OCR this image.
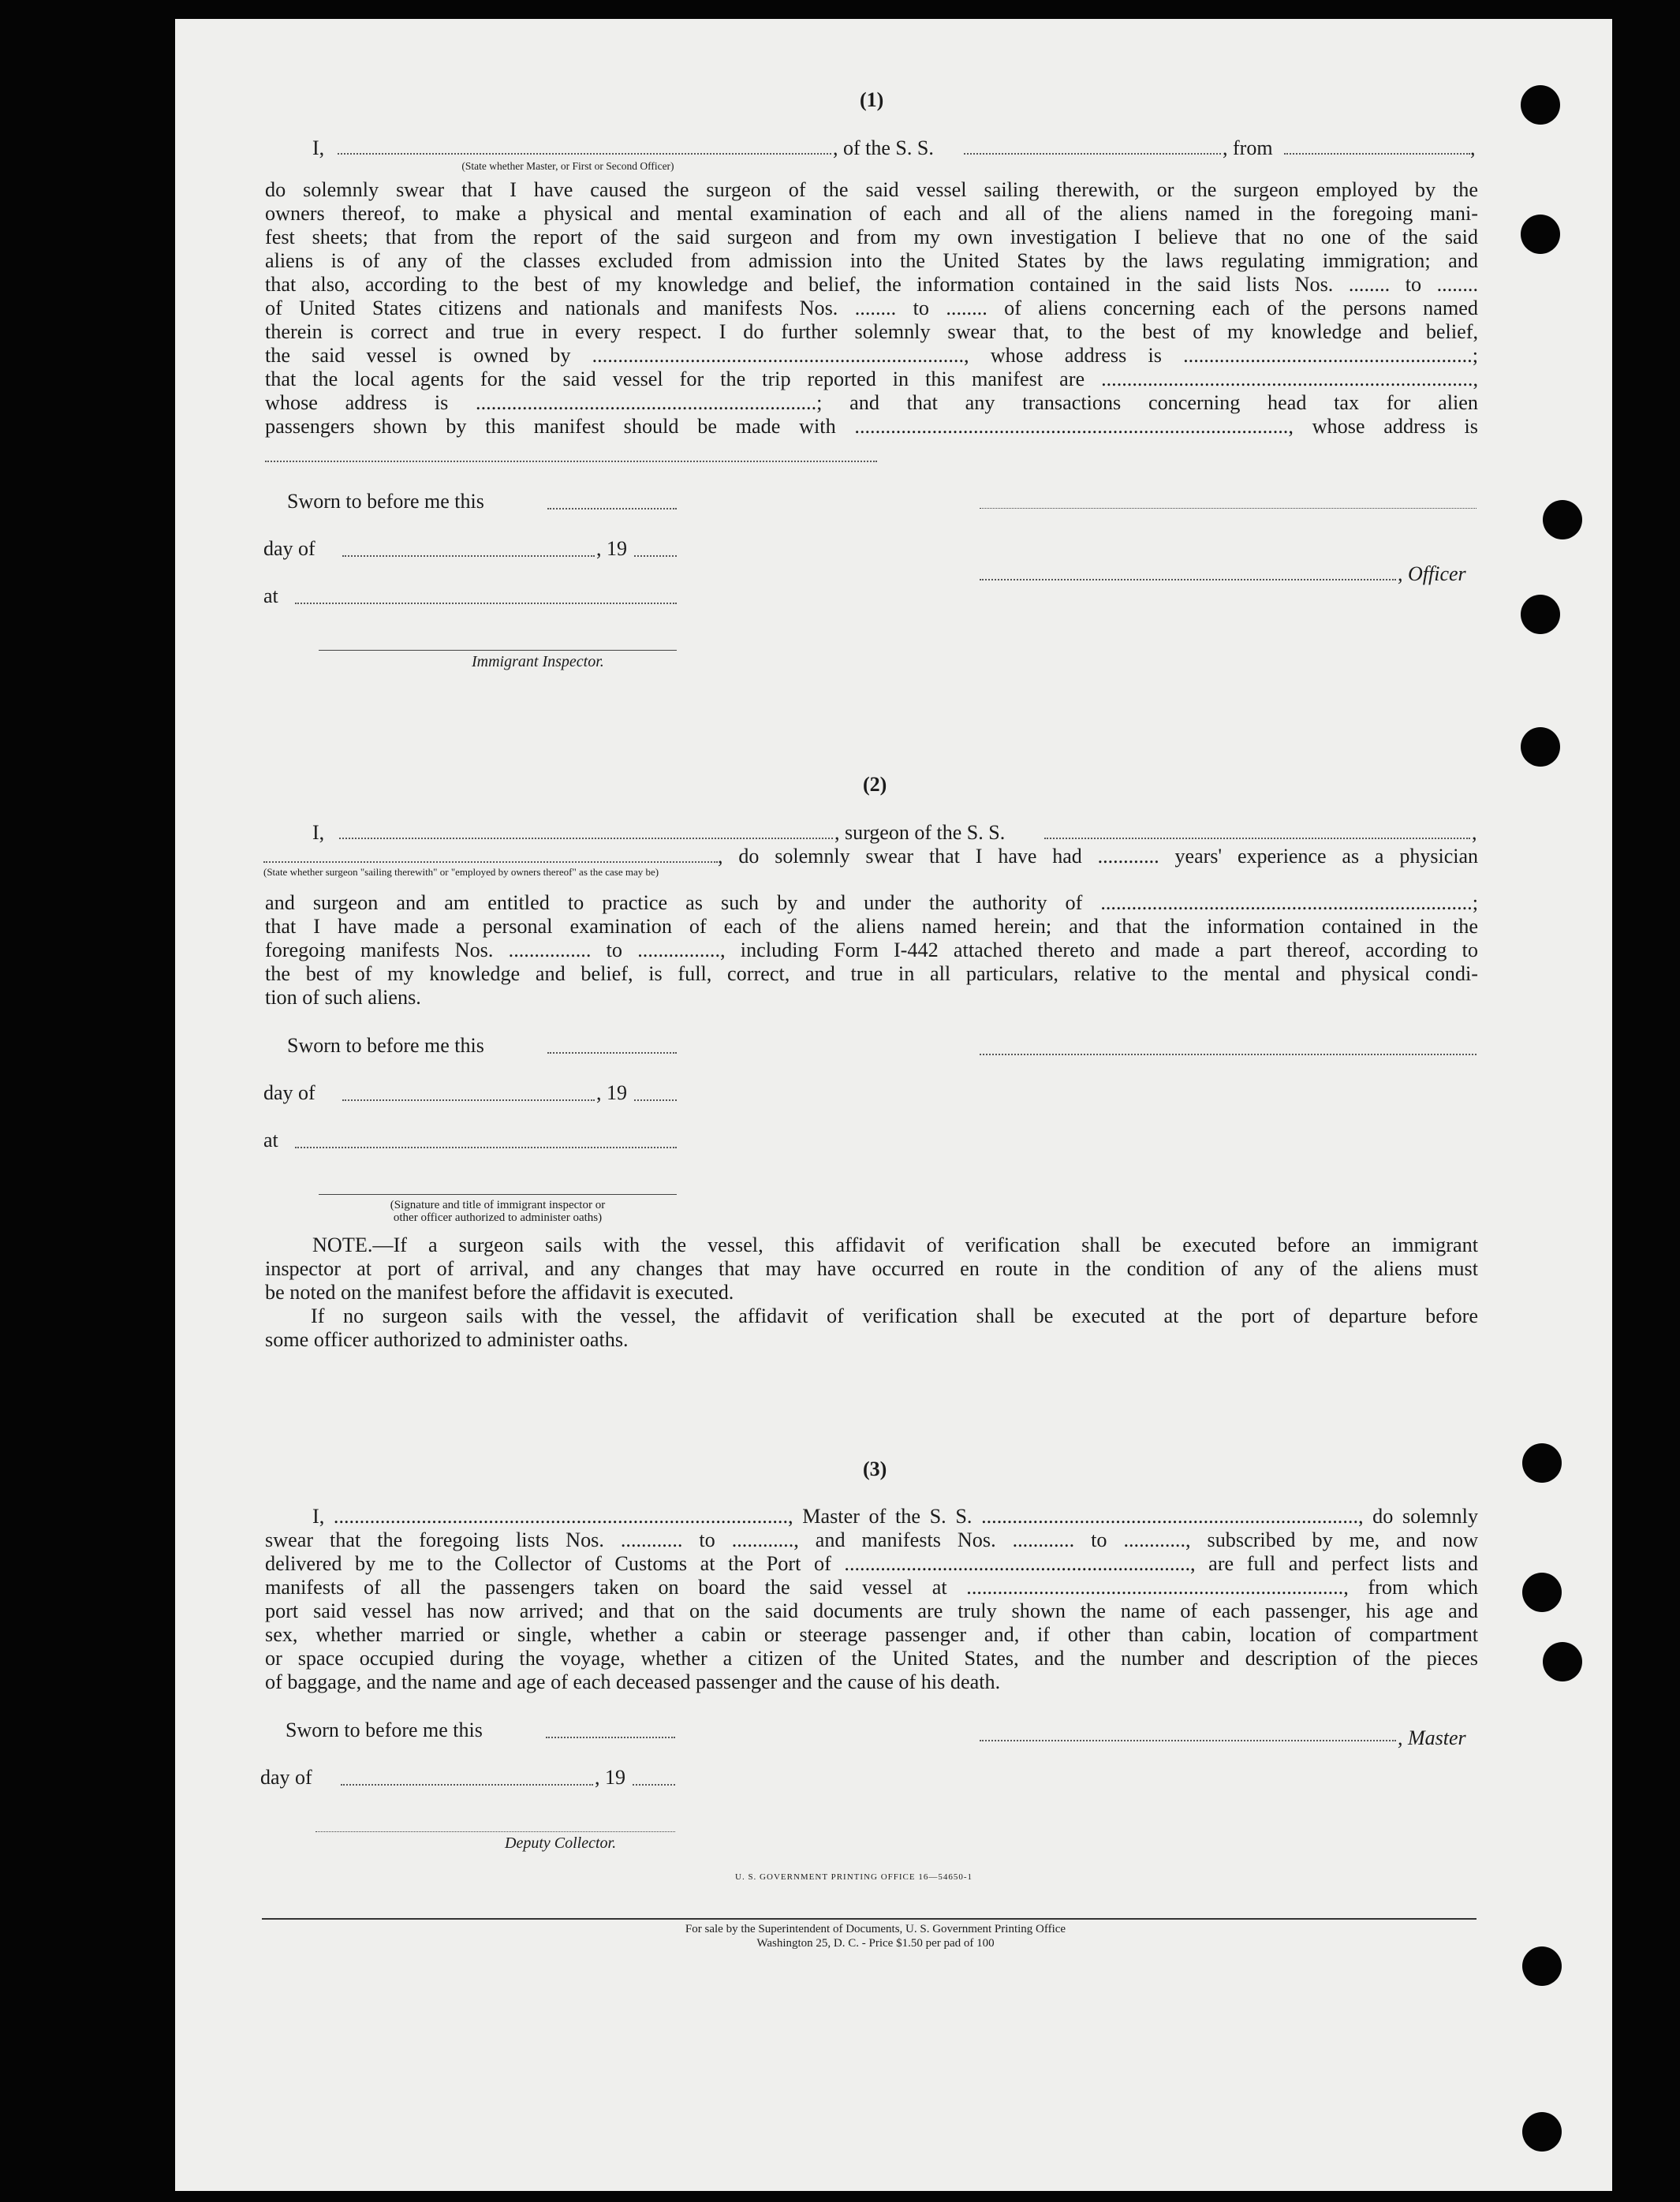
(1)
I,	, of the S. S.	, from	,
(State whether Master, or First or Second Officer)
do solemnly swear that I have caused the surgeon of the said vessel sailing therewith, or the surgeon employed by the
owners thereof, to make a physical and mental examination of each and all of the aliens named in the foregoing mani-
fest sheets; that from the report of the said surgeon and from my own investigation I believe that no one of the said
aliens is of any of the classes excluded from admission into the United States by the laws regulating immigration; and
that also, according to the best of my knowledge and belief, the information contained in the said lists Nos. ........ to ........
of United States citizens and nationals and manifests Nos. ........ to ........ of aliens concerning each of the persons named
therein is correct and true in every respect. I do further solemnly swear that, to the best of my knowledge and belief,
the said vessel is owned by ........................................................................, whose address is ........................................................;
that the local agents for the said vessel for the trip reported in this manifest are ........................................................................,
whose address is ..................................................................; and that any transactions concerning head tax for alien
passengers shown by this manifest should be made with ...................................................................................., whose address is
Sworn to before me this
day of	, 19
, Officer
at
Immigrant Inspector.
(2)
I,	, surgeon of the S. S.	,
, do solemnly swear that I have had ............ years' experience as a physician
(State whether surgeon "sailing therewith" or "employed by owners thereof" as the case may be)
and surgeon and am entitled to practice as such by and under the authority of ........................................................................;
that I have made a personal examination of each of the aliens named herein; and that the information contained in the
foregoing manifests Nos. ................ to ................, including Form I-442 attached thereto and made a part thereof, according to
the best of my knowledge and belief, is full, correct, and true in all particulars, relative to the mental and physical condi-
tion of such aliens.
Sworn to before me this
day of	, 19
at
(Signature and title of immigrant inspector or
other officer authorized to administer oaths)
NOTE.—If a surgeon sails with the vessel, this affidavit of verification shall be executed before an immigrant
inspector at port of arrival, and any changes that may have occurred en route in the condition of any of the aliens must
be noted on the manifest before the affidavit is executed.
If no surgeon sails with the vessel, the affidavit of verification shall be executed at the port of departure before
some officer authorized to administer oaths.
(3)
I, ........................................................................................, Master of the S. S. ........................................................................., do solemnly
swear that the foregoing lists Nos. ............ to ............, and manifests Nos. ............ to ............, subscribed by me, and now
delivered by me to the Collector of Customs at the Port of ..................................................................., are full and perfect lists and
manifests of all the passengers taken on board the said vessel at ........................................................................., from which
port said vessel has now arrived; and that on the said documents are truly shown the name of each passenger, his age and
sex, whether married or single, whether a cabin or steerage passenger and, if other than cabin, location of compartment
or space occupied during the voyage, whether a citizen of the United States, and the number and description of the pieces
of baggage, and the name and age of each deceased passenger and the cause of his death.
Sworn to before me this	, Master
day of	, 19
Deputy Collector.
U. S. GOVERNMENT PRINTING OFFICE 16—54650-1
For sale by the Superintendent of Documents, U. S. Government Printing Office
Washington 25, D. C. - Price $1.50 per pad of 100
